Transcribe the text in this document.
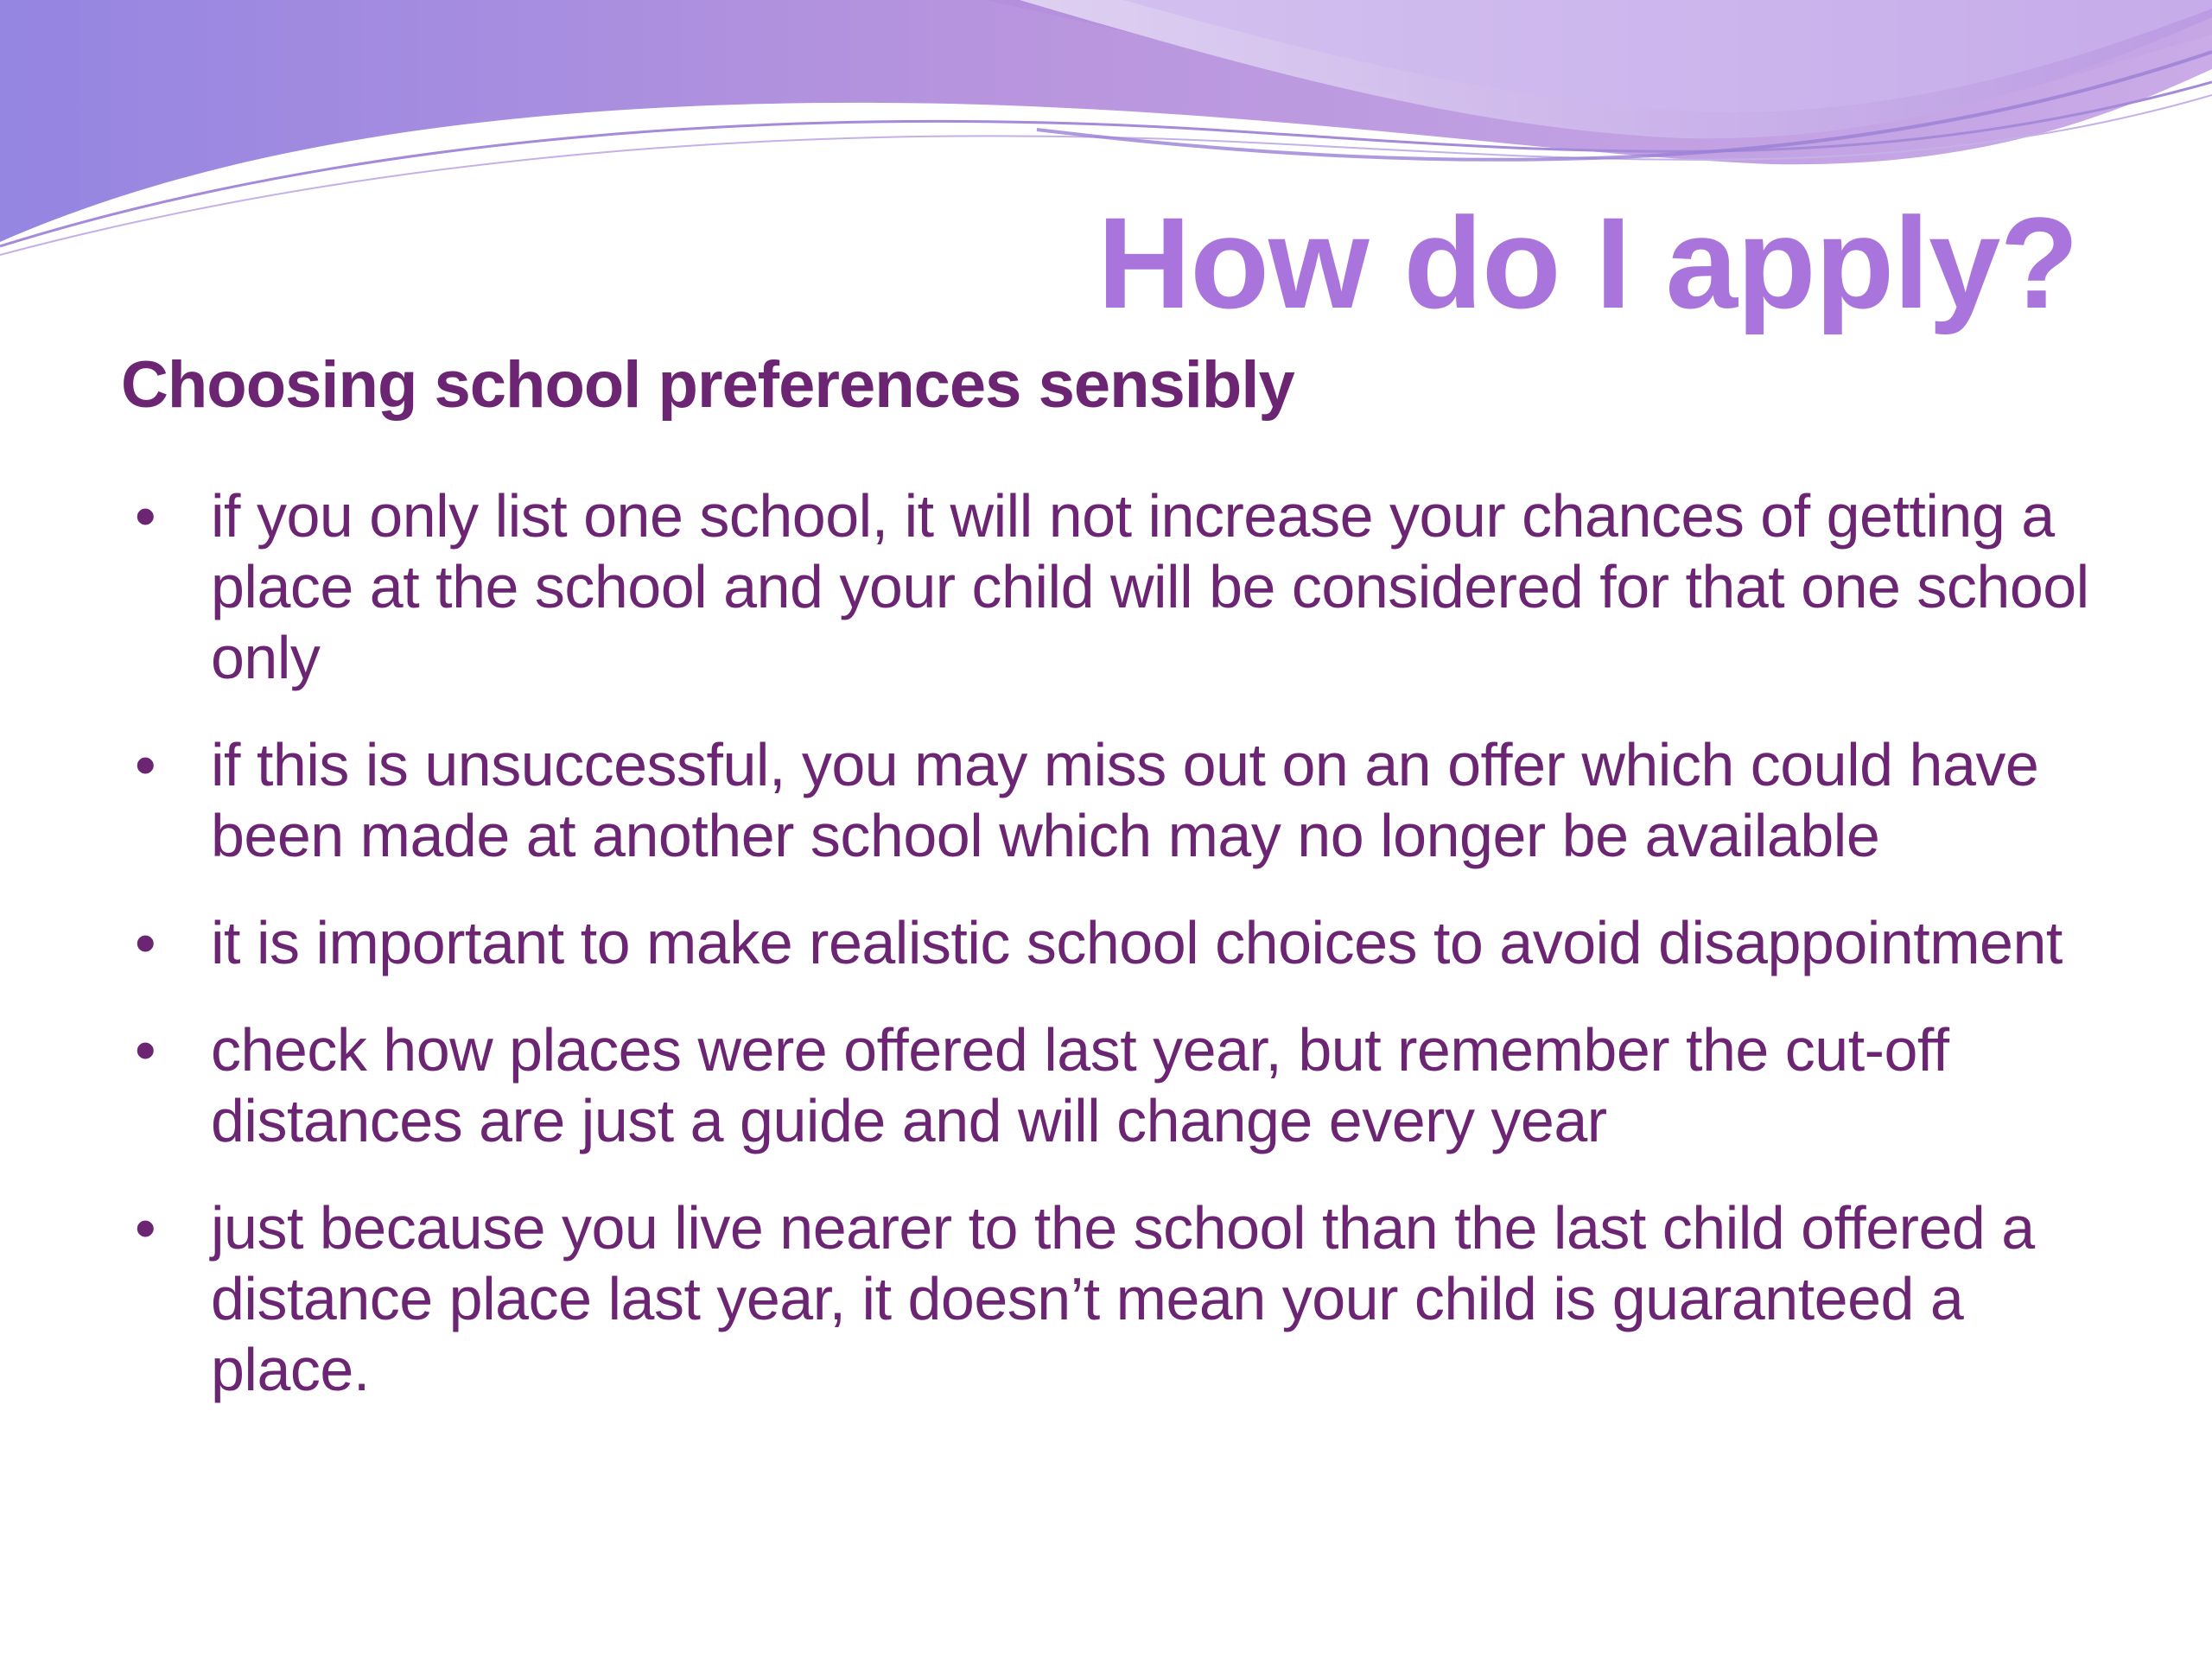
How do I apply?
Choosing school preferences sensibly
• if you only list one school, it will not increase your chances of getting a place at the school and your child will be considered for that one school only
• if this is unsuccessful, you may miss out on an offer which could have been made at another school which may no longer be available
• it is important to make realistic school choices to avoid disappointment
• check how places were offered last year, but remember the cut-off distances are just a guide and will change every year
• just because you live nearer to the school than the last child offered a distance place last year, it doesn’t mean your child is guaranteed a place.
